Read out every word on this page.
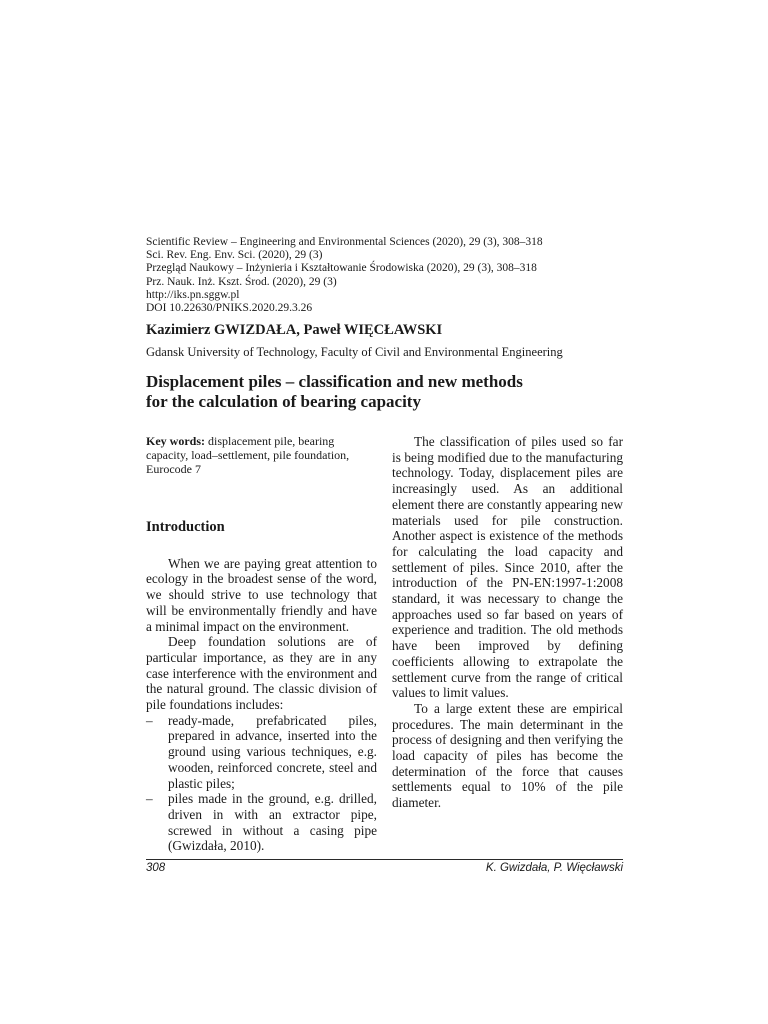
Scientific Review – Engineering and Environmental Sciences (2020), 29 (3), 308–318
Sci. Rev. Eng. Env. Sci. (2020), 29 (3)
Przegląd Naukowy – Inżynieria i Kształtowanie Środowiska (2020), 29 (3), 308–318
Prz. Nauk. Inż. Kszt. Środ. (2020), 29 (3)
http://iks.pn.sggw.pl
DOI 10.22630/PNIKS.2020.29.3.26
Kazimierz GWIZDAŁA, Paweł WIĘCŁAWSKI
Gdansk University of Technology, Faculty of Civil and Environmental Engineering
Displacement piles – classification and new methods
for the calculation of bearing capacity
Key words: displacement pile, bearing capacity, load–settlement, pile foundation, Eurocode 7
Introduction

When we are paying great attention to ecology in the broadest sense of the word, we should strive to use technology that will be environmentally friendly and have a minimal impact on the environment.

Deep foundation solutions are of particular importance, as they are in any case interference with the environment and the natural ground. The classic division of pile foundations includes:

–	ready-made, prefabricated piles, prepared in advance, inserted into the ground using various techniques, e.g. wooden, reinforced concrete, steel and plastic piles;
–	piles made in the ground, e.g. drilled, driven in with an extractor pipe, screwed in without a casing pipe (Gwizdała, 2010).

The classification of piles used so far is being modified due to the manufacturing technology. Today, displacement piles are increasingly used. As an additional element there are constantly appearing new materials used for pile construction. Another aspect is existence of the methods for calculating the load capacity and settlement of piles. Since 2010, after the introduction of the PN-EN:1997-1:2008 standard, it was necessary to change the approaches used so far based on years of experience and tradition. The old methods have been improved by defining coefficients allowing to extrapolate the settlement curve from the range of critical values to limit values.

To a large extent these are empirical procedures. The main determinant in the process of designing and then verifying the load capacity of piles has become the determination of the force that causes settlements equal to 10% of the pile diameter.

308	K. Gwizdała, P. Więcławski
